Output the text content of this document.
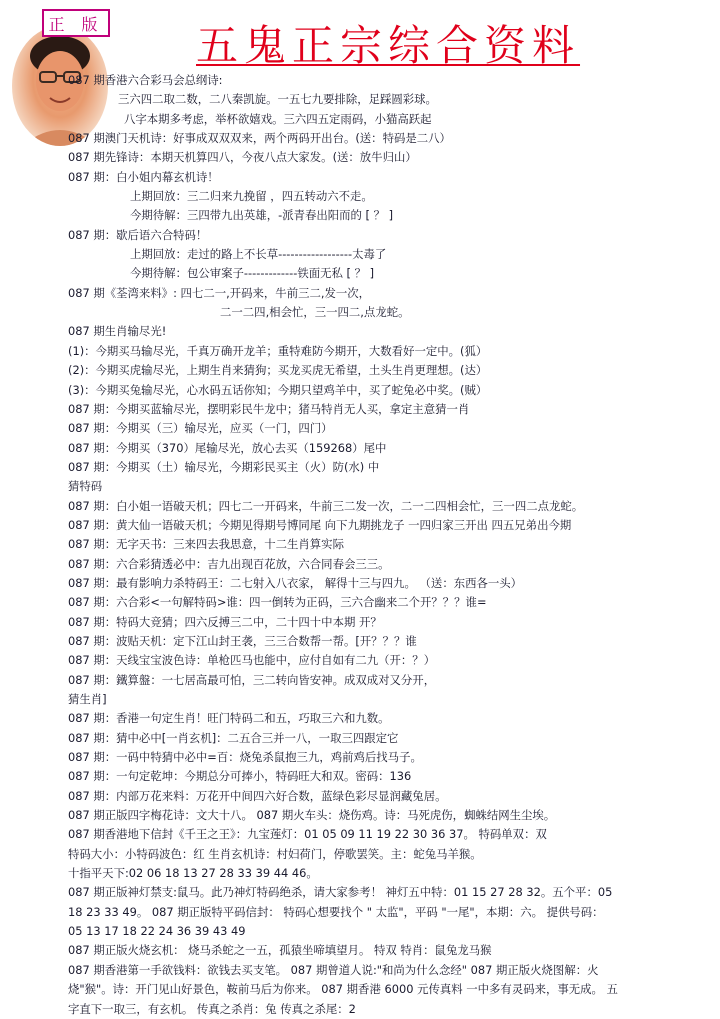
正 版 五鬼正宗综合资料
087 期香港六合彩马会总纲诗:
三六四二取二数，二八秦凯旋。一五七九要排除，足踩圆彩球。
八字本期多考虑，举杯欲嬉戏。三六四五定雨码，小猫高跃起
087 期澳门天机诗：好事成双双双来，两个两码开出台。(送：特码是二八）
087 期先锋诗：本期天机算四八，今夜八点大家发。(送：放牛归山）
087 期：白小姐内幕玄机诗！
上期回放：三二归来九挽留 ，四五转动六不走。
今期待解：三四带九出英雄，-派青春出阳而的 [ ？ ]
087 期：歇后语六合特码！
上期回放：走过的路上不长草------------------太毒了
今期待解：包公审案子-------------铁面无私 [ ？ ]
087 期《荃湾来料》: 四七二一,开码来，牛前三二,发一次，
二一二四,相会忙，三一四二,点龙蛇。
087 期生肖输尽光!
(1)：今期买马输尽光，千真万确开龙羊；重特难防今期开，大数看好一定中。(狐）
(2)：今期买虎输尽光，上期生肖来猜狗；买龙买虎无希望，土头生肖更理想。(达）
(3)：今期买兔输尽光，心水码五话你知；今期只望鸡羊中，买了蛇兔必中奖。(贼）
087 期：今期买蓝输尽光，摆明彩民牛龙中；猪马特肖无人买，拿定主意猜一肖
087 期：今期买（三）输尽光，应买（一门，四门）
087 期：今期买（370）尾输尽光，放心去买（159268）尾中
087 期：今期买（土）输尽光，今期彩民买主（火）防(水) 中
猜特码
087 期：白小姐一语破天机；四七二一开码来，牛前三二发一次，二一二四相会忙，三一四二点龙蛇。
087 期：黄大仙一语破天机；今期见得期号博同尾 向下九期挑龙子 一四归家三开出 四五兄弟出今期
087 期：无字天书：三来四去我思意，十二生肖算实际
087 期：六合彩猜透必中：吉九出现百花放，六合同春会三三。
087 期：最有影响力杀特码王：二七射入八衣家， 解得十三与四九。 （送：东西各一头）
087 期：六合彩<一句解特码>谁：四一倒转为正码，三六合幽来二个开？？？谁=
087 期：特码大竞猜；四六反搏三二中，二十四十中本期 开？
087 期：波贴天机：定下江山封王袭，三三合数帮一帮。[开？？？谁
087 期：天线宝宝波色诗：单枪匹马也能中，应付自如有二九（开：？）
087 期：鐵算盤：一七居高最可怕，三二转向皆安神。成双成对又分开，
猜生肖]
087 期：香港一句定生肖！旺门特码二和五，巧取三六和九数。
087 期：猜中必中[一肖玄机]：二五合三并一八，一取三四跟定它
087 期：一码中特猜中必中=百：烧兔杀鼠抱三九，鸡前鸡后找马子。
087 期：一句定乾坤：今期总分可捧小，特码旺大和双。密码：136
087 期：内部万花来料：万花开中间四六好合数，蓝绿色彩尽显润藏兔居。
087 期正版四字梅花诗：文大十八。 087 期火车头：烧伤鸡。诗：马死虎伤，蜘蛛结网生尘埃。
087 期香港地下信封《千王之王》：九宝莲灯：01 05 09 11 19 22 30 36 37。 特码单双：双
特码大小：小特码波色：红 生肖玄机诗：村妇荷门，停歌罢笑。主：蛇兔马羊猴。
十指平天下:02 06 18 13 27 28 33 39 44 46。
087 期正版神灯禁支:鼠马。此乃神灯特码绝杀，请大家参考！ 神灯五中特：01 15 27 28 32。五个平：05
18 23 33 49。 087 期正版特平码信封： 特码心想要找个 " 太监"，平码 "一尾"，本期：六。 提供号码：
05 13 17 18 22 24 36 39 43 49
087 期正版火烧玄机： 烧马杀蛇之一五，孤猿坐啼填望月。 特双 特肖：鼠兔龙马猴
087 期香港第一手欲钱料：欲钱去买支笔。 087 期曾道人说:"和尚为什么念经" 087 期正版火烧图解：火
烧"猴"。诗：开门见山好景色，鞍前马后为你来。 087 期香港 6000 元传真料 一中多有灵码来，事无成。 五
字直下一取三，有玄机。 传真之杀肖：兔 传真之杀尾：2
